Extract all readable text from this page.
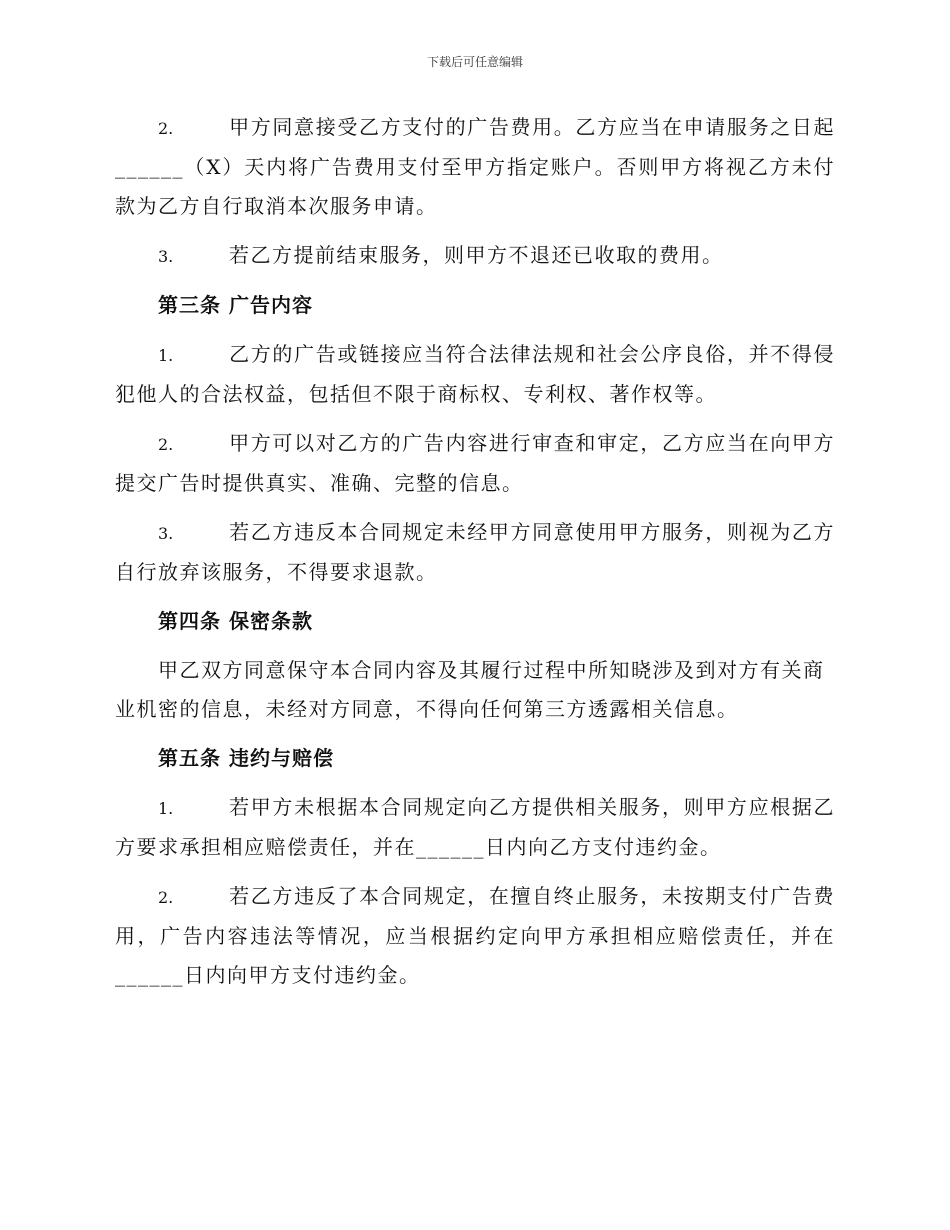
下载后可任意编辑

2.	甲方同意接受乙方支付的广告费用。乙方应当在申请服务之日起______（X）天内将广告费用支付至甲方指定账户。否则甲方将视乙方未付款为乙方自行取消本次服务申请。

3.	若乙方提前结束服务，则甲方不退还已收取的费用。

第三条 广告内容

1.	乙方的广告或链接应当符合法律法规和社会公序良俗，并不得侵犯他人的合法权益，包括但不限于商标权、专利权、著作权等。

2.	甲方可以对乙方的广告内容进行审查和审定，乙方应当在向甲方提交广告时提供真实、准确、完整的信息。

3.	若乙方违反本合同规定未经甲方同意使用甲方服务，则视为乙方自行放弃该服务，不得要求退款。

第四条 保密条款

甲乙双方同意保守本合同内容及其履行过程中所知晓涉及到对方有关商业机密的信息，未经对方同意，不得向任何第三方透露相关信息。

第五条 违约与赔偿

1.	若甲方未根据本合同规定向乙方提供相关服务，则甲方应根据乙方要求承担相应赔偿责任，并在______日内向乙方支付违约金。

2.	若乙方违反了本合同规定，在擅自终止服务，未按期支付广告费用，广告内容违法等情况，应当根据约定向甲方承担相应赔偿责任，并在______日内向甲方支付违约金。
